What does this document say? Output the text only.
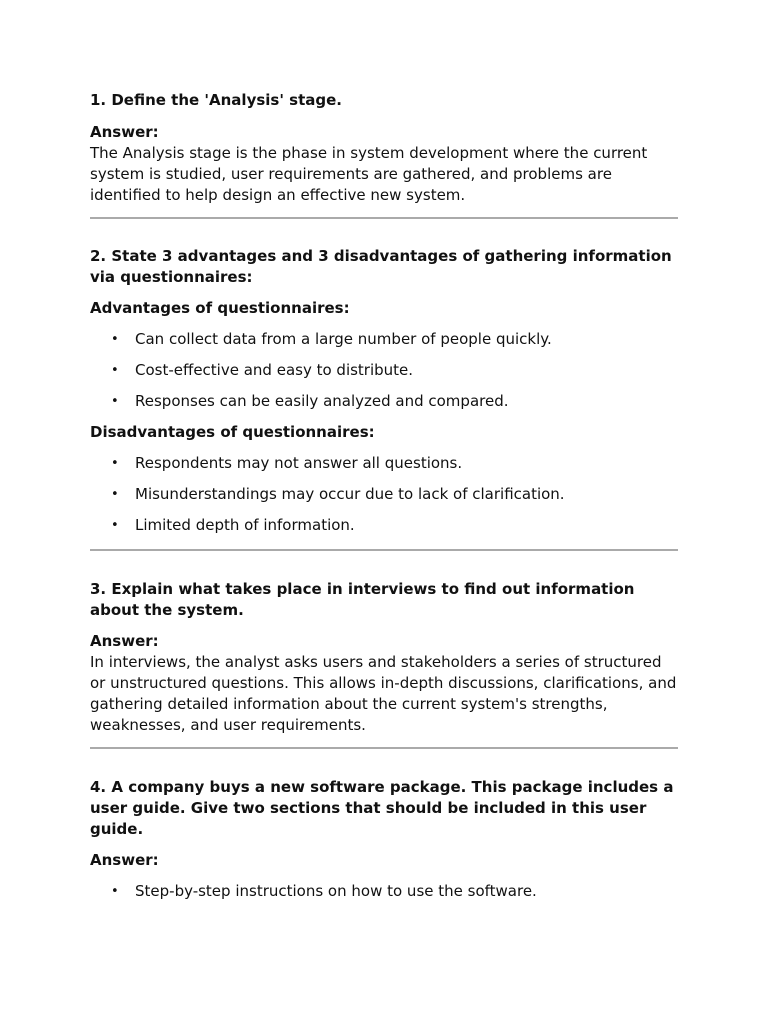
1. Define the 'Analysis' stage.

Answer:

The Analysis stage is the phase in system development where the current system is studied, user requirements are gathered, and problems are identified to help design an effective new system.

2. State 3 advantages and 3 disadvantages of gathering information via questionnaires:

Advantages of questionnaires:

• Can collect data from a large number of people quickly.
• Cost-effective and easy to distribute.
• Responses can be easily analyzed and compared.

Disadvantages of questionnaires:

• Respondents may not answer all questions.
• Misunderstandings may occur due to lack of clarification.
• Limited depth of information.

3. Explain what takes place in interviews to find out information about the system.

Answer:

In interviews, the analyst asks users and stakeholders a series of structured or unstructured questions. This allows in-depth discussions, clarifications, and gathering detailed information about the current system's strengths, weaknesses, and user requirements.

4. A company buys a new software package. This package includes a user guide. Give two sections that should be included in this user guide.

Answer:

• Step-by-step instructions on how to use the software.
